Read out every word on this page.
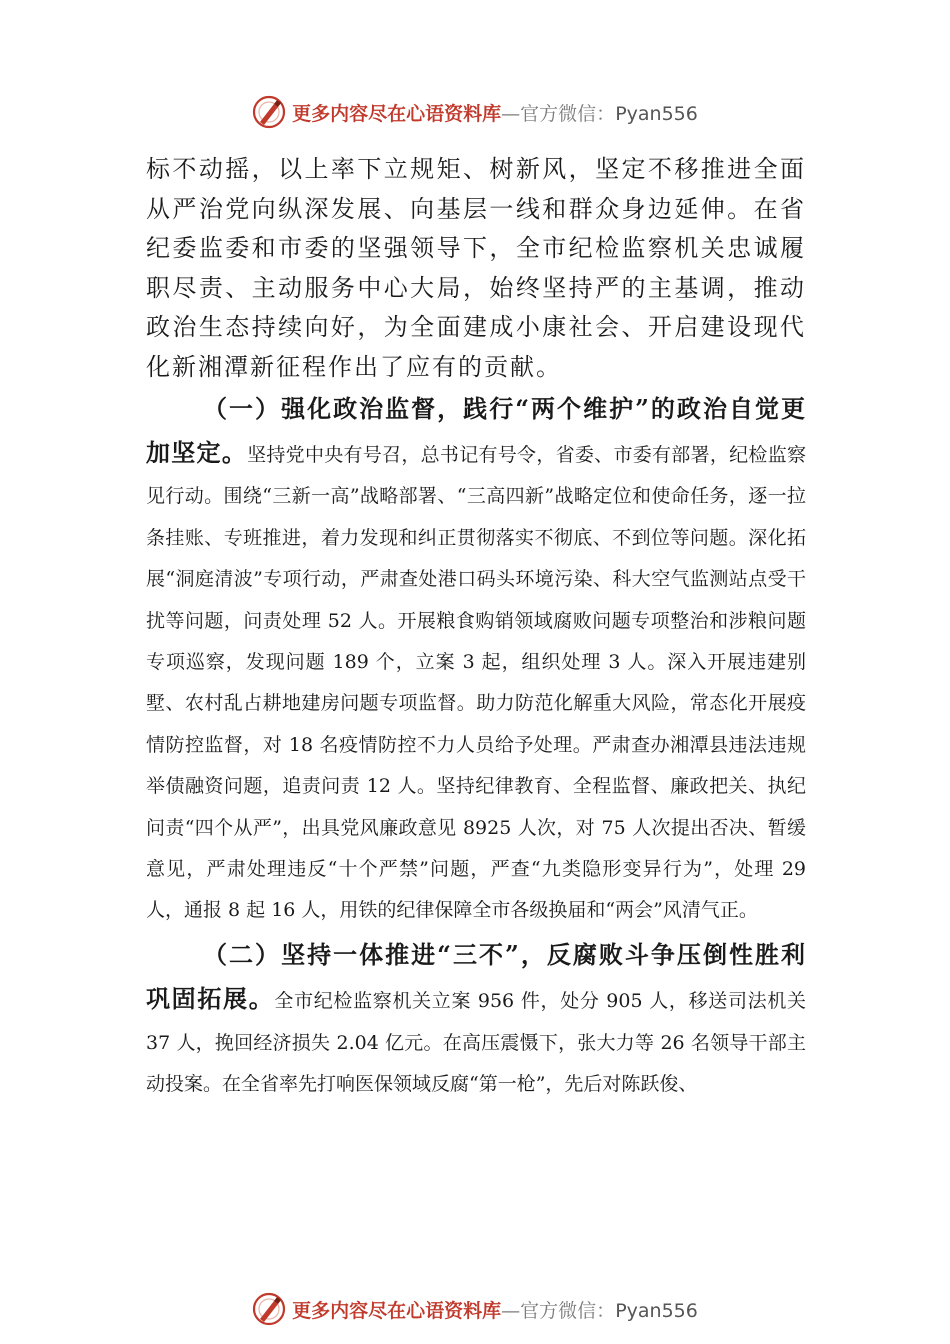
更多内容尽在心语资料库—官方微信：Pyan556

标不动摇，以上率下立规矩、树新风，坚定不移推进全面从严治党向纵深发展、向基层一线和群众身边延伸。在省纪委监委和市委的坚强领导下，全市纪检监察机关忠诚履职尽责、主动服务中心大局，始终坚持严的主基调，推动政治生态持续向好，为全面建成小康社会、开启建设现代化新湘潭新征程作出了应有的贡献。

（一）强化政治监督，践行“两个维护”的政治自觉更加坚定。坚持党中央有号召，总书记有号令，省委、市委有部署，纪检监察见行动。围绕“三新一高”战略部署、“三高四新”战略定位和使命任务，逐一拉条挂账、专班推进，着力发现和纠正贯彻落实不彻底、不到位等问题。深化拓展“洞庭清波”专项行动，严肃查处港口码头环境污染、科大空气监测站点受干扰等问题，问责处理 52 人。开展粮食购销领域腐败问题专项整治和涉粮问题专项巡察，发现问题 189 个，立案 3 起，组织处理 3 人。深入开展违建别墅、农村乱占耕地建房问题专项监督。助力防范化解重大风险，常态化开展疫情防控监督，对 18 名疫情防控不力人员给予处理。严肃查办湘潭县违法违规举债融资问题，追责问责 12 人。坚持纪律教育、全程监督、廉政把关、执纪问责“四个从严”，出具党风廉政意见 8925 人次，对 75 人次提出否决、暂缓意见，严肃处理违反“十个严禁”问题，严查“九类隐形变异行为”，处理 29 人，通报 8 起 16 人，用铁的纪律保障全市各级换届和“两会”风清气正。

（二）坚持一体推进“三不”，反腐败斗争压倒性胜利巩固拓展。全市纪检监察机关立案 956 件，处分 905 人，移送司法机关 37 人，挽回经济损失 2.04 亿元。在高压震慑下，张大力等 26 名领导干部主动投案。在全省率先打响医保领域反腐“第一枪”，先后对陈跃俊、

更多内容尽在心语资料库—官方微信：Pyan556
